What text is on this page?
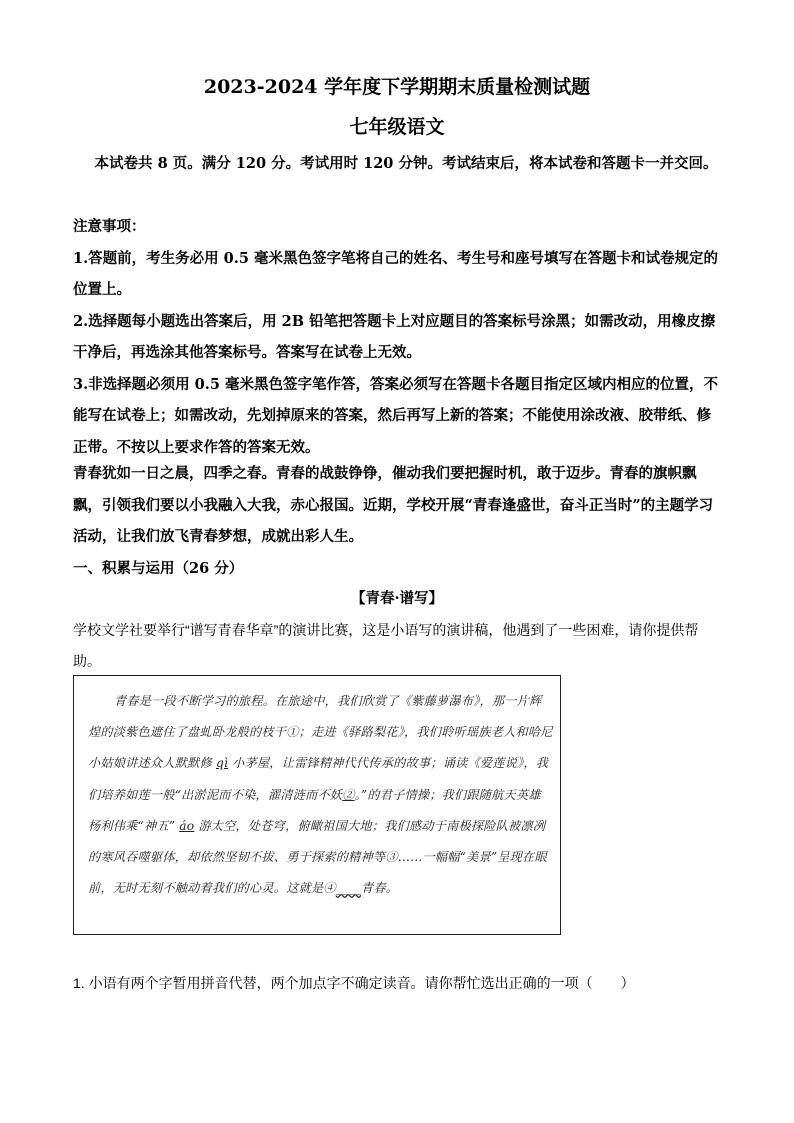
2023-2024 学年度下学期期末质量检测试题
七年级语文
本试卷共 8 页。满分 120 分。考试用时 120 分钟。考试结束后，将本试卷和答题卡一并交回。
注意事项：
1.答题前，考生务必用 0.5 毫米黑色签字笔将自己的姓名、考生号和座号填写在答题卡和试卷规定的位置上。
2.选择题每小题选出答案后，用 2B 铅笔把答题卡上对应题目的答案标号涂黑；如需改动，用橡皮擦干净后，再选涂其他答案标号。答案写在试卷上无效。
3.非选择题必须用 0.5 毫米黑色签字笔作答，答案必须写在答题卡各题目指定区域内相应的位置，不能写在试卷上；如需改动，先划掉原来的答案，然后再写上新的答案；不能使用涂改液、胶带纸、修正带。不按以上要求作答的答案无效。
青春犹如一日之晨，四季之春。青春的战鼓铮铮，催动我们要把握时机，敢于迈步。青春的旗帜飘飘，引领我们要以小我融入大我，赤心报国。近期，学校开展“青春逢盛世，奋斗正当时”的主题学习活动，让我们放飞青春梦想，成就出彩人生。
一、积累与运用（26 分）
【青春·谱写】
学校文学社要举行“谱写青春华章”的演讲比赛，这是小语写的演讲稿，他遇到了一些困难，请你提供帮助。
青春是一段不断学习的旅程。在旅途中，我们欣赏了《紫藤萝瀑布》，那一片辉煌的淡紫色遮住了盘虬卧龙般的枝干①；走进《驿路梨花》，我们聆听瑶族老人和哈尼小姑娘讲述众人默默修 qì 小茅屋，让雷锋精神代代传承的故事；诵读《爱莲说》，我们培养如莲一般“出淤泥而不染，濯清涟而不妖②。”的君子情操；我们跟随航天英雄杨利伟乘“神五” áo 游太空，处苍穹，俯瞰祖国大地；我们感动于南极探险队被凛冽的寒风吞噬躯体，却依然坚韧不拔、勇于探索的精神等③……一幅幅“美景”呈现在眼前，无时无刻不触动着我们的心灵。这就是④____青春。
1. 小语有两个字暂用拼音代替，两个加点字不确定读音。请你帮忙选出正确的一项（　　）
